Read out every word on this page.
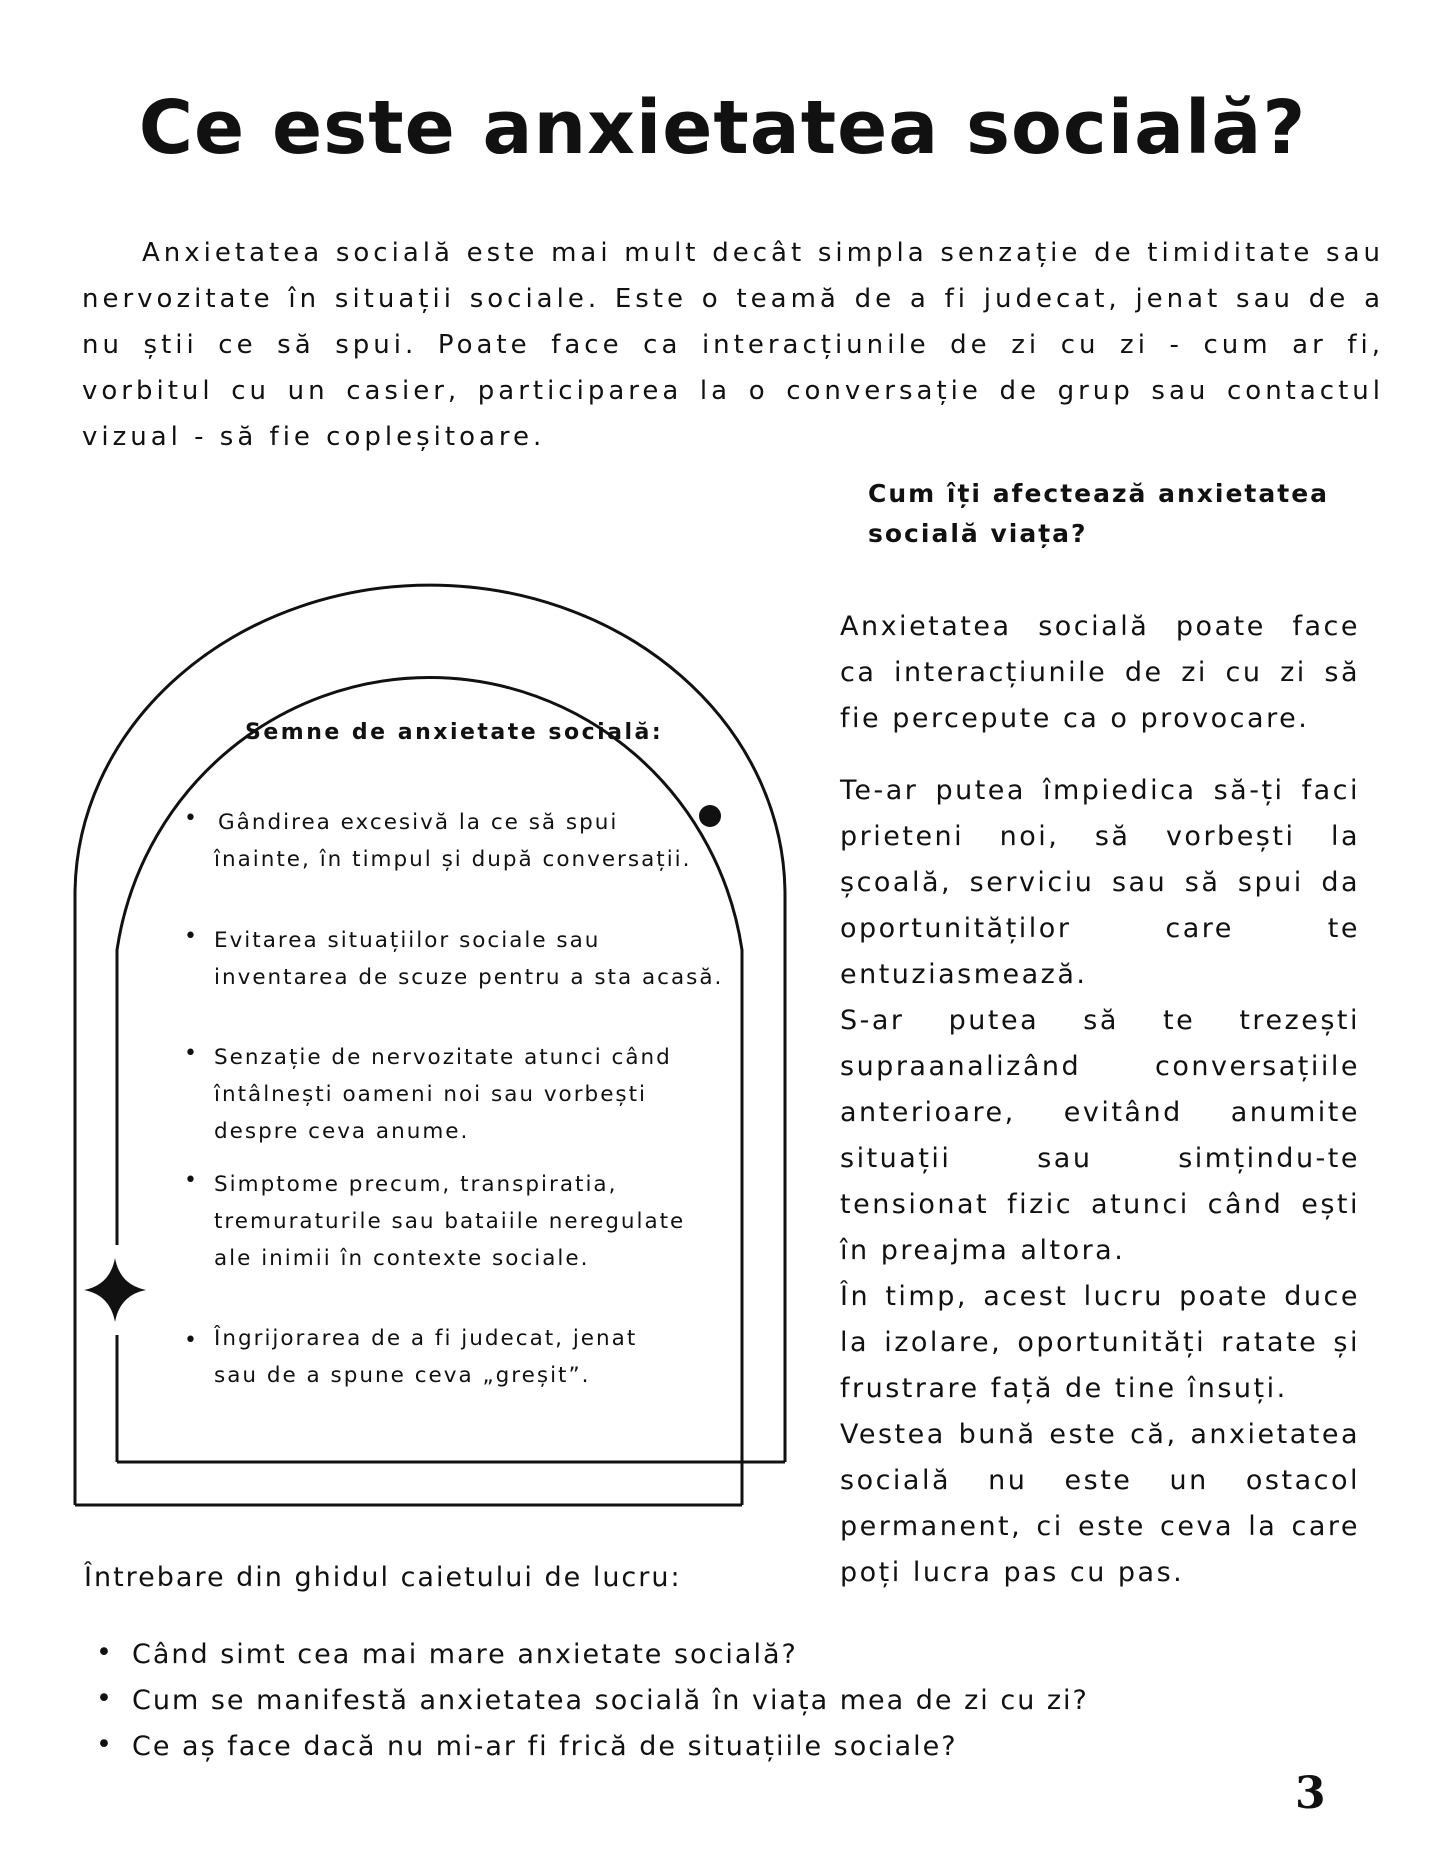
Ce este anxietatea socială?

Anxietatea socială este mai mult decât simpla senzație de timiditate sau nervozitate în situații sociale. Este o teamă de a fi judecat, jenat sau de a nu știi ce să spui. Poate face ca interacțiunile de zi cu zi - cum ar fi, vorbitul cu un casier, participarea la o conversație de grup sau contactul vizual - să fie copleșitoare.

Cum îți afectează anxietatea
socială viața?

Anxietatea socială poate face ca interacțiunile de zi cu zi să fie percepute ca o provocare.

Te-ar putea împiedica să-ți faci prieteni noi, să vorbești la școală, serviciu sau să spui da oportunităților care te entuziasmează.

S-ar putea să te trezești supraanalizând conversațiile anterioare, evitând anumite situații sau simțindu-te tensionat fizic atunci când ești în preajma altora.

În timp, acest lucru poate duce la izolare, oportunități ratate și frustrare față de tine însuți.

Vestea bună este că, anxietatea socială nu este un ostacol permanent, ci este ceva la care poți lucra pas cu pas.

Semne de anxietate socială:
• Gândirea excesivă la ce să spui
înainte, în timpul și după conversații.
• Evitarea situațiilor sociale sau
inventarea de scuze pentru a sta acasă.
• Senzație de nervozitate atunci când
întâlnești oameni noi sau vorbești
despre ceva anume.
• Simptome precum, transpiratia,
tremuraturile sau bataiile neregulate
ale inimii în contexte sociale.
• Îngrijorarea de a fi judecat, jenat
sau de a spune ceva „greșit”.

Întrebare din ghidul caietului de lucru:

• Când simt cea mai mare anxietate socială?
• Cum se manifestă anxietatea socială în viața mea de zi cu zi?
• Ce aș face dacă nu mi-ar fi frică de situațiile sociale?

3
